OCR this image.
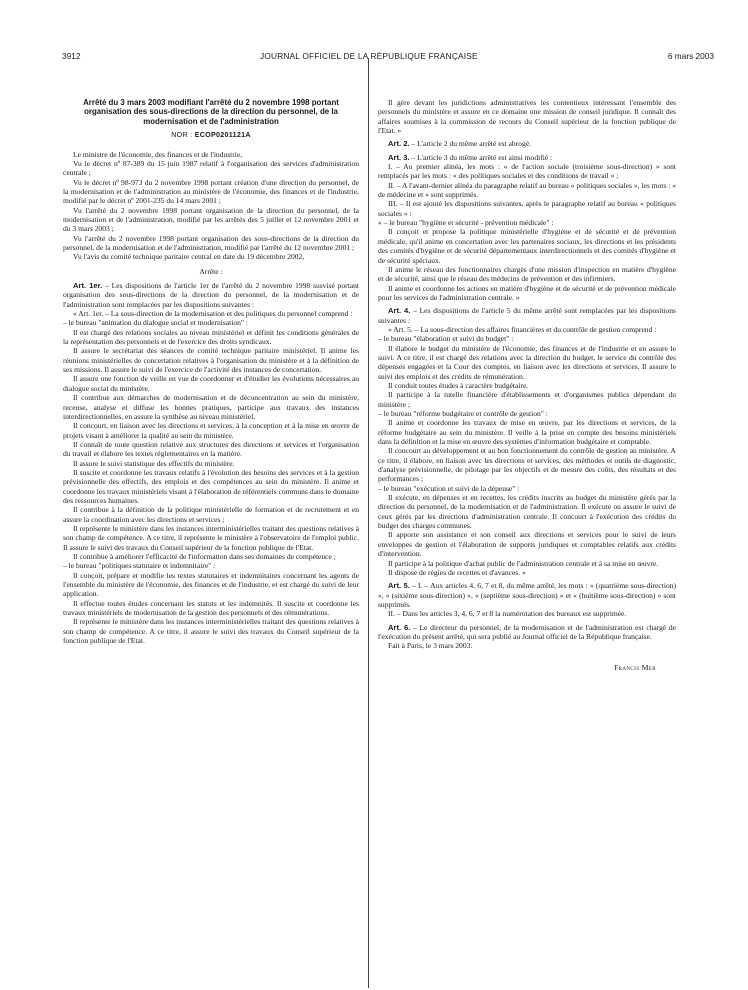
3912	JOURNAL OFFICIEL DE LA RÉPUBLIQUE FRANÇAISE	6 mars 2003
Arrêté du 3 mars 2003 modifiant l'arrêté du 2 novembre 1998 portant organisation des sous-directions de la direction du personnel, de la modernisation et de l'administration
NOR : ECOP0201121A

Le ministre de l'économie, des finances et de l'industrie,

Vu le décret nº 87-389 du 15 juin 1987 relatif à l'organisation des services d'administration centrale ;

Vu le décret nº 98-973 du 2 novembre 1998 portant création d'une direction du personnel, de la modernisation et de l'administration au ministère de l'économie, des finances et de l'industrie, modifié par le décret nº 2001-235 du 14 mars 2001 ;

Vu l'arrêté du 2 novembre 1998 portant organisation de la direction du personnel, de la modernisation et de l'administration, modifié par les arrêtés des 5 juillet et 12 novembre 2001 et du 3 mars 2003 ;

Vu l'arrêté du 2 novembre 1998 portant organisation des sous-directions de la direction du personnel, de la modernisation et de l'administration, modifié par l'arrêté du 12 novembre 2001 ;

Vu l'avis du comité technique paritaire central en date du 19 décembre 2002,

Arrête :

Art. 1er. – Les dispositions de l'article 1er de l'arrêté du 2 novembre 1998 susvisé portant organisation des sous-directions de la direction du personnel, de la modernisation et de l'administration sont remplacées par les dispositions suivantes :

« Art. 1er. – La sous-direction de la modernisation et des politiques du personnel comprend :

– le bureau "animation du dialogue social et modernisation" :

Il est chargé des relations sociales au niveau ministériel et définit les conditions générales de la représentation des personnels et de l'exercice des droits syndicaux.

Il assure le secrétariat des séances de comité technique paritaire ministériel. Il anime les réunions ministérielles de concertation relatives à l'organisation du ministère et à la définition de ses missions. Il assure le suivi de l'exercice de l'activité des instances de concertation.

Il assure une fonction de veille en vue de coordonner et d'étudier les évolutions nécessaires au dialogue social du ministère.

Il contribue aux démarches de modernisation et de déconcentration au sein du ministère, recense, analyse et diffuse les bonnes pratiques, participe aux travaux des instances interdirectionnelles, en assure la synthèse au niveau ministériel.

Il concourt, en liaison avec les directions et services, à la conception et à la mise en œuvre de projets visant à améliorer la qualité au sein du ministère.

Il connaît de toute question relative aux structures des directions et services et l'organisation du travail et élabore les textes réglementaires en la matière.

Il assure le suivi statistique des effectifs du ministère.

Il suscite et coordonne les travaux relatifs à l'évolution des besoins des services et à la gestion prévisionnelle des effectifs, des emplois et des compétences au sein du ministère. Il anime et coordonne les travaux ministériels visant à l'élaboration de référentiels communs dans le domaine des ressources humaines.

Il contribue à la définition de la politique ministérielle de formation et de recrutement et en assure la coordination avec les directions et services ;

Il représente le ministère dans les instances interministérielles traitant des questions relatives à son champ de compétence. A ce titre, il représente le ministère à l'observatoire de l'emploi public. Il assure le suivi des travaux du Conseil supérieur de la fonction publique de l'Etat.

Il contribue à améliorer l'efficacité de l'information dans ses domaines de compétence ;

– le bureau "politiques statutaire et indemnitaire" :

Il conçoit, prépare et modifie les textes statutaires et indemnitaires concernant les agents de l'ensemble du ministère de l'économie, des finances et de l'industrie, et est chargé du suivi de leur application.

Il effectue toutes études concernant les statuts et les indemnités. Il suscite et coordonne les travaux ministériels de modernisation de la gestion des personnels et des rémunérations.

Il représente le ministère dans les instances interministérielles traitant des questions relatives à son champ de compétence. A ce titre, il assure le suivi des travaux du Conseil supérieur de la fonction publique de l'Etat.

Il gère devant les juridictions administratives les contentieux intéressant l'ensemble des personnels du ministère et assure en ce domaine une mission de conseil juridique. Il connaît des affaires soumises à la commission de recours du Conseil supérieur de la fonction publique de l'Etat. »

Art. 2. – L'article 2 du même arrêté est abrogé.

Art. 3. – L'article 3 du même arrêté est ainsi modifié :

I. – Au premier alinéa, les mots : « de l'action sociale (troisième sous-direction) » sont remplacés par les mots : « des politiques sociales et des conditions de travail » ;

II. – A l'avant-dernier alinéa du paragraphe relatif au bureau « politiques sociales », les mots : « de médecine et » sont supprimés.

III. – Il est ajouté les dispositions suivantes, après le paragraphe relatif au bureau « politiques sociales » :

« – le bureau "hygiène et sécurité - prévention médicale" :

Il conçoit et propose la politique ministérielle d'hygiène et de sécurité et de prévention médicale, qu'il anime en concertation avec les partenaires sociaux, les directions et les présidents des comités d'hygiène et de sécurité départementaux interdirectionnels et des comités d'hygiène et de sécurité spéciaux.

Il anime le réseau des fonctionnaires chargés d'une mission d'inspection en matière d'hygiène et de sécurité, ainsi que le réseau des médecins de prévention et des infirmiers.

Il anime et coordonne les actions en matière d'hygiène et de sécurité et de prévention médicale pour les services de l'administration centrale. »

Art. 4. – Les dispositions de l'article 5 du même arrêté sont remplacées par les dispositions suivantes :

« Art. 5. – La sous-direction des affaires financières et du contrôle de gestion comprend :

– le bureau "élaboration et suivi du budget" :

Il élabore le budget du ministère de l'économie, des finances et de l'industrie et en assure le suivi. A ce titre, il est chargé des relations avec la direction du budget, le service du contrôle des dépenses engagées et la Cour des comptes, en liaison avec les directions et services. Il assure le suivi des emplois et des crédits de rémunération.

Il conduit toutes études à caractère budgétaire.

Il participe à la tutelle financière d'établissements et d'organismes publics dépendant du ministère ;

– le bureau "réforme budgétaire et contrôle de gestion" :

Il anime et coordonne les travaux de mise en œuvre, par les directions et services, de la réforme budgétaire au sein du ministère. Il veille à la prise en compte des besoins ministériels dans la définition et la mise en œuvre des systèmes d'information budgétaire et comptable.

Il concourt au développement et au bon fonctionnement du contrôle de gestion au ministère. A ce titre, il élabore, en liaison avec les directions et services, des méthodes et outils de diagnostic, d'analyse prévisionnelle, de pilotage par les objectifs et de mesure des coûts, des résultats et des performances ;

– le bureau "exécution et suivi de la dépense" :

Il exécute, en dépenses et en recettes, les crédits inscrits au budget du ministère gérés par la direction du personnel, de la modernisation et de l'administration. Il exécute ou assure le suivi de ceux gérés par les directions d'administration centrale. Il concourt à l'exécution des crédits du budget des charges communes.

Il apporte son assistance et son conseil aux directions et services pour le suivi de leurs enveloppes de gestion et l'élaboration de supports juridiques et comptables relatifs aux crédits d'intervention.

Il participe à la politique d'achat public de l'administration centrale et à sa mise en œuvre.

Il dispose de régies de recettes et d'avances. »

Art. 5. – I. – Aux articles 4, 6, 7 et 8, du même arrêté, les mots : « (quatrième sous-direction) », « (sixième sous-direction) », « (septième sous-direction) » et « (huitième sous-direction) » sont supprimés.

II. – Dans les articles 3, 4, 6, 7 et 8 la numérotation des bureaux est supprimée.

Art. 6. – Le directeur du personnel, de la modernisation et de l'administration est chargé de l'exécution du présent arrêté, qui sera publié au Journal officiel de la République française.

Fait à Paris, le 3 mars 2003.

Francis Mer
